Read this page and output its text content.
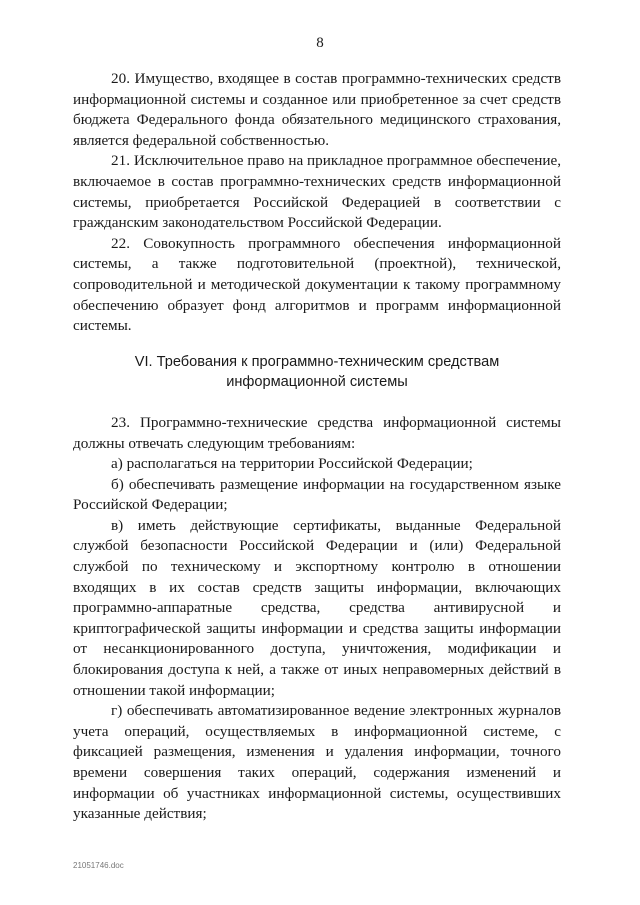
8

20. Имущество, входящее в состав программно-технических средств информационной системы и созданное или приобретенное за счет средств бюджета Федерального фонда обязательного медицинского страхования, является федеральной собственностью.

21. Исключительное право на прикладное программное обеспечение, включаемое в состав программно-технических средств информационной системы, приобретается Российской Федерацией в соответствии с гражданским законодательством Российской Федерации.

22. Совокупность программного обеспечения информационной системы, а также подготовительной (проектной), технической, сопроводительной и методической документации к такому программному обеспечению образует фонд алгоритмов и программ информационной системы.

VI. Требования к программно-техническим средствам информационной системы

23. Программно-технические средства информационной системы должны отвечать следующим требованиям:

а) располагаться на территории Российской Федерации;

б) обеспечивать размещение информации на государственном языке Российской Федерации;

в) иметь действующие сертификаты, выданные Федеральной службой безопасности Российской Федерации и (или) Федеральной службой по техническому и экспортному контролю в отношении входящих в их состав средств защиты информации, включающих программно-аппаратные средства, средства антивирусной и криптографической защиты информации и средства защиты информации от несанкционированного доступа, уничтожения, модификации и блокирования доступа к ней, а также от иных неправомерных действий в отношении такой информации;

г) обеспечивать автоматизированное ведение электронных журналов учета операций, осуществляемых в информационной системе, с фиксацией размещения, изменения и удаления информации, точного времени совершения таких операций, содержания изменений и информации об участниках информационной системы, осуществивших указанные действия;

21051746.doc
